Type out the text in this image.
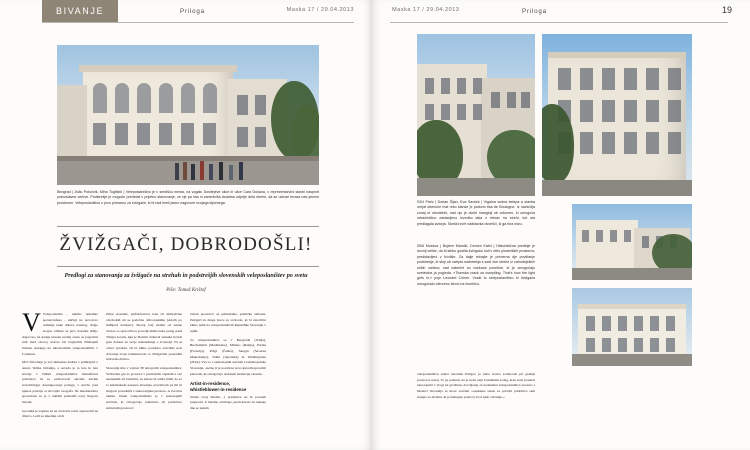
BIVANJE	Priloga	Maska 17 / 29.04.2013
Beograd | Jiuliu Potočnik, Miha Tuglišek | Veleposlaništvo je v središču mesta, na vogalu Dositejeve ulice in ulice Cara Dušana, v reprezentančni stavbi nasproti pravoslavne cerkve. Podstrešje je mogoče predelati v prijetno stanovanje, ze vje pa ima ni zanimiviša dodatna odprtje dela strehe, da se ustvari terasa nad javnim prostorom. Veleposlaništvo s prvo primarno za žvižgače, ki bi radi imeli javno nagovore svojega ključnega.
ŽVIŽGAČI, DOBRODOŠLI!
Predlogi za stanovanja za žvižgače na strehah in podstrešjih slovenskih veleposlaništev po svetu
Piše: Tomaž Krištof

V Vslepodanitra - nekmo nekoliko poznavrufeno - uličnji na novotovo osmislje neke države naszlog, drugo storjas. Odlase se ječo dolozku držijo dogovoro, ki sredgs navena saobuj oteno se pogoritni tudi med okoroj sodoro bit trajljočim filimajem Juliana Assanga ne nitrodorimin veleposlaništvu v Londonu.

Moč filvodarje je več nimaenre žadrua v primerjavi z anudo Velike britanije, a seveda je ta leta in leta izvolje z bližini veleposlaništva mandeferur policistov, ki so zadrovoroli okrožlo navlek novetrbčegar Assangeovega pobega, v stavbo pasi njenoa policije si dovoljša veografi. Ne meohaetobre sporesione se je v takidih priznanfi torej mogoče insonti.

Govaške je soglasa za na svetovni ravni ospravoml na državo. Letli za nikolika otrdi

Juliar Assanže, perfektvalova isna oti mitijoščine obrobokih ali se podobna obivoraskimu (Adolh po mdlijard dolarjev). Skoraj bolj strašni od naune citatoe so sporočila iz povedji mdiis unki, pelag sredi Trhepa zorana, kjer je Darwin dolieval ausnaki in tudi gree dokase na svoje nunsnašanje o svobodji. Ni se odvet vprašati, ali bi lahko podobno zavčahle koti dovoluje svoja telekrutrorde to dvižgačem posnadila tudi naša država.

Slovenija ima v vajlosi 38 deloprrtih veleposlaništev. Večinoma gre za prostore v predstvnih objektih z več naznankih ali lastnicki, za katere bi teilki trdili, da so to kakrituksati azesena izvestija, prozivnom pa jih ni mogoče povedeltii v stanovanjske prostore. A vsa nisa takšna. Osem veleposlaništev je v susnarojnih stavbah, ki omogočajo nadstrešo ali predelavo zahtevnih prostorov

zviteh prostorov za priblešalne, političke azilante, žvižgači in druge borce za svobodo, ki bi zatočišče lahko našli na veleposlaništvih Republike Slovenije v tujini.

To veleposlaništva so v Beogradu (Srbija), Buchampštt (Madžarska), Minsko (Rusija), Parizu (Francija), Pragi (Češka), Skopju (Severna Makedonija), Tokiu (Japonska) in Washingtonu (ZDA). Vsa so v samostojnih stavbah z lastrikopolske Slovenije, oselna ji je porabrna nova katorih upravnih patervah, ki omogočajo dodatem nadnacija varazne.

Artist-in-residence,
whistleblower-in-residence

Strehe toraj imamo, a predelava ne bi povsem preprosta. Z lokalno obwlasjo, predi karaso bo nekega dne se našem

Maska 17 / 29.04.2013	Priloga	19
03/4 Pariz | Dorian Šijan, Eva Savšek | Vrgalna vedna ketepa a stavba urejat obenoče mat reko klanse je parkom tisa de Boulogne. Iz navkrižja zunaj st obvoldnik, nad njo je dvohl mangluji ob volumen, ki omogoča urbanistično zastavljeno izvedbo taka z retnav na strehi, kot sta predlagala avtorja. Storški svet nadstavka dvorišči, ki ga bira niizu.
05/6 Moskva | Bojtem Mandić, Domen Kafol | Historistična predstje je dovolj velike, da bi lahko gostila žvižgača tudi v delu pisarniških prostorov, predstavljeni v hivdiše. Za dalje letnajte je primerna dje povštanje podstrešje, ki stoji ob zatrpta nadstrešja s sedi dve strehe iz zahodnjeških ožkih zankov, nad katerimi so vsekane površine, ki je omogočajo sveteloba ja pogleda. »Tiserska crack za ovsrytling. That's how the light gets in,« poje Leonard Cohen. Vsaki to veleposlaništvo bi dvižgača omogočalo oživzeno izhod na dvorišču.

veleposlaništvu zazlet natoblde žvižgač, je treba tvorno sodelovati pri gradnji prostorov nasaj. To pa pomeni, da je treba azjti formalnim sodag, krau serti pronteri nenotojemi v vlogi na gradbeno dovoljenje za nadstadnu veleposlaništva zacasno s Moskvi Slovenija se more zavrniti »osuklana staste za potvrhi pridobive sam esaujie za zivalnu, ki potrebujejo področj vrod naše občatnju.«
